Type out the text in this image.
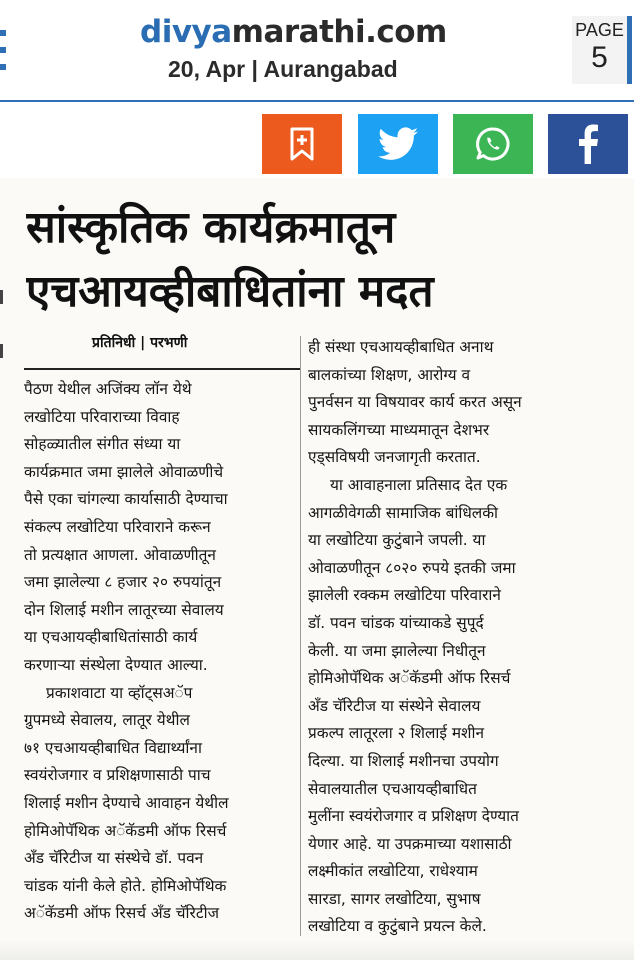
divyamarathi.com
20, Apr | Aurangabad
PAGE
5
सांस्कृतिक कार्यक्रमातून
एचआयव्हीबाधितांना मदत
प्रतिनिधी | परभणी
पैठण येथील अजिंक्य लॉन येथे
लखोटिया परिवाराच्या विवाह
सोहळ्यातील संगीत संध्या या
कार्यक्रमात जमा झालेले ओवाळणीचे
पैसे एका चांगल्या कार्यासाठी देण्याचा
संकल्प लखोटिया परिवाराने करून
तो प्रत्यक्षात आणला. ओवाळणीतून
जमा झालेल्या ८ हजार २० रुपयांतून
दोन शिलाई मशीन लातूरच्या सेवालय
या एचआयव्हीबाधितांसाठी कार्य
करणाऱ्या संस्थेला देण्यात आल्या.
प्रकाशवाटा या व्हॉट्सअॅप
ग्रुपमध्ये सेवालय, लातूर येथील
७१ एचआयव्हीबाधित विद्यार्थ्यांना
स्वयंरोजगार व प्रशिक्षणासाठी पाच
शिलाई मशीन देण्याचे आवाहन येथील
होमिओपॅथिक अॅकॅडमी ऑफ रिसर्च
अँड चॅरिटीज या संस्थेचे डॉ. पवन
चांडक यांनी केले होते. होमिओपॅथिक
अॅकॅडमी ऑफ रिसर्च अँड चॅरिटीज
ही संस्था एचआयव्हीबाधित अनाथ
बालकांच्या शिक्षण, आरोग्य व
पुनर्वसन या विषयावर कार्य करत असून
सायकलिंगच्या माध्यमातून देशभर
एड्सविषयी जनजागृती करतात.
या आवाहनाला प्रतिसाद देत एक
आगळीवेगळी सामाजिक बांधिलकी
या लखोटिया कुटुंबाने जपली. या
ओवाळणीतून ८०२० रुपये इतकी जमा
झालेली रक्कम लखोटिया परिवाराने
डॉ. पवन चांडक यांच्याकडे सुपूर्द
केली. या जमा झालेल्या निधीतून
होमिओपॅथिक अॅकॅडमी ऑफ रिसर्च
अँड चॅरिटीज या संस्थेने सेवालय
प्रकल्प लातूरला २ शिलाई मशीन
दिल्या. या शिलाई मशीनचा उपयोग
सेवालयातील एचआयव्हीबाधित
मुलींना स्वयंरोजगार व प्रशिक्षण देण्यात
येणार आहे. या उपक्रमाच्या यशासाठी
लक्ष्मीकांत लखोटिया, राधेश्याम
सारडा, सागर लखोटिया, सुभाष
लखोटिया व कुटुंबाने प्रयत्न केले.
